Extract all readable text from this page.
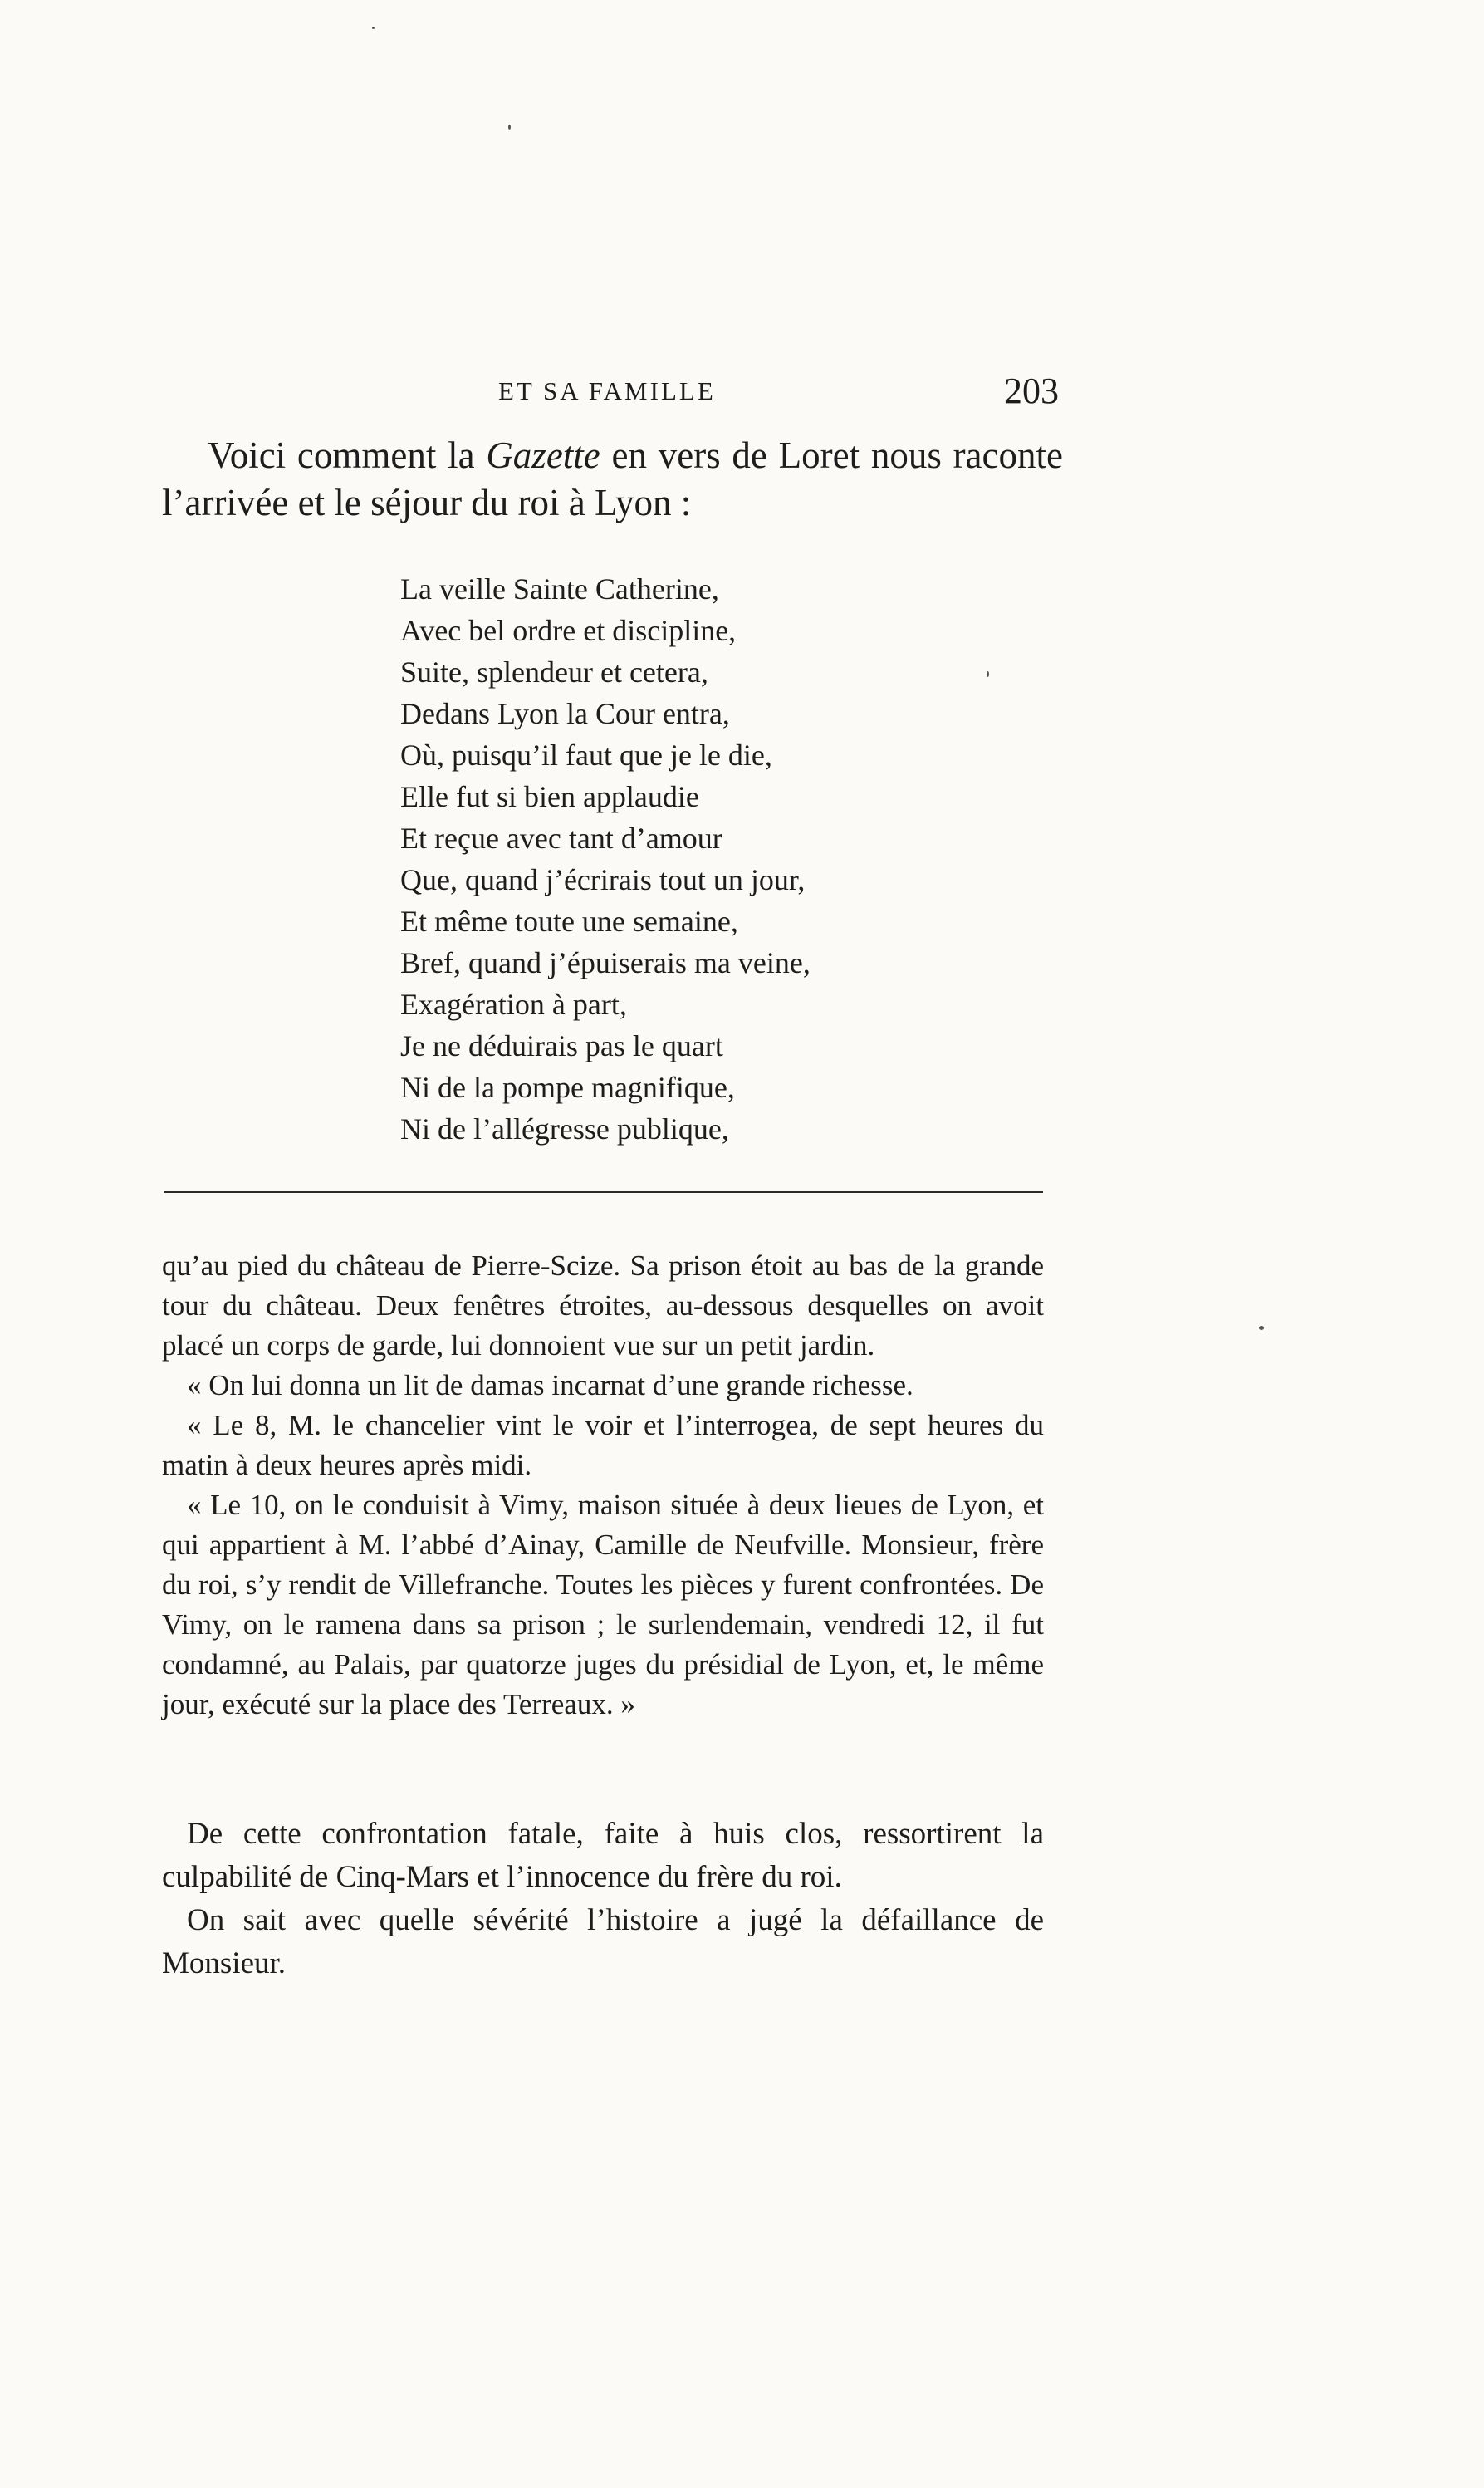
ET SA FAMILLE	203

Voici comment la Gazette en vers de Loret nous raconte l’arrivée et le séjour du roi à Lyon :

La veille Sainte Catherine,
Avec bel ordre et discipline,
Suite, splendeur et cetera,
Dedans Lyon la Cour entra,
Où, puisqu’il faut que je le die,
Elle fut si bien applaudie
Et reçue avec tant d’amour
Que, quand j’écrirais tout un jour,
Et même toute une semaine,
Bref, quand j’épuiserais ma veine,
Exagération à part,
Je ne déduirais pas le quart
Ni de la pompe magnifique,
Ni de l’allégresse publique,

qu’au pied du château de Pierre-Scize. Sa prison étoit au bas de la grande tour du château. Deux fenêtres étroites, au-dessous desquelles on avoit placé un corps de garde, lui donnoient vue sur un petit jardin.

« On lui donna un lit de damas incarnat d’une grande richesse.

« Le 8, M. le chancelier vint le voir et l’interrogea, de sept heures du matin à deux heures après midi.

« Le 10, on le conduisit à Vimy, maison située à deux lieues de Lyon, et qui appartient à M. l’abbé d’Ainay, Camille de Neufville. Monsieur, frère du roi, s’y rendit de Villefranche. Toutes les pièces y furent confrontées. De Vimy, on le ramena dans sa prison ; le surlendemain, vendredi 12, il fut condamné, au Palais, par quatorze juges du présidial de Lyon, et, le même jour, exécuté sur la place des Terreaux. »

De cette confrontation fatale, faite à huis clos, ressortirent la culpabilité de Cinq-Mars et l’innocence du frère du roi.

On sait avec quelle sévérité l’histoire a jugé la défaillance de Monsieur.
